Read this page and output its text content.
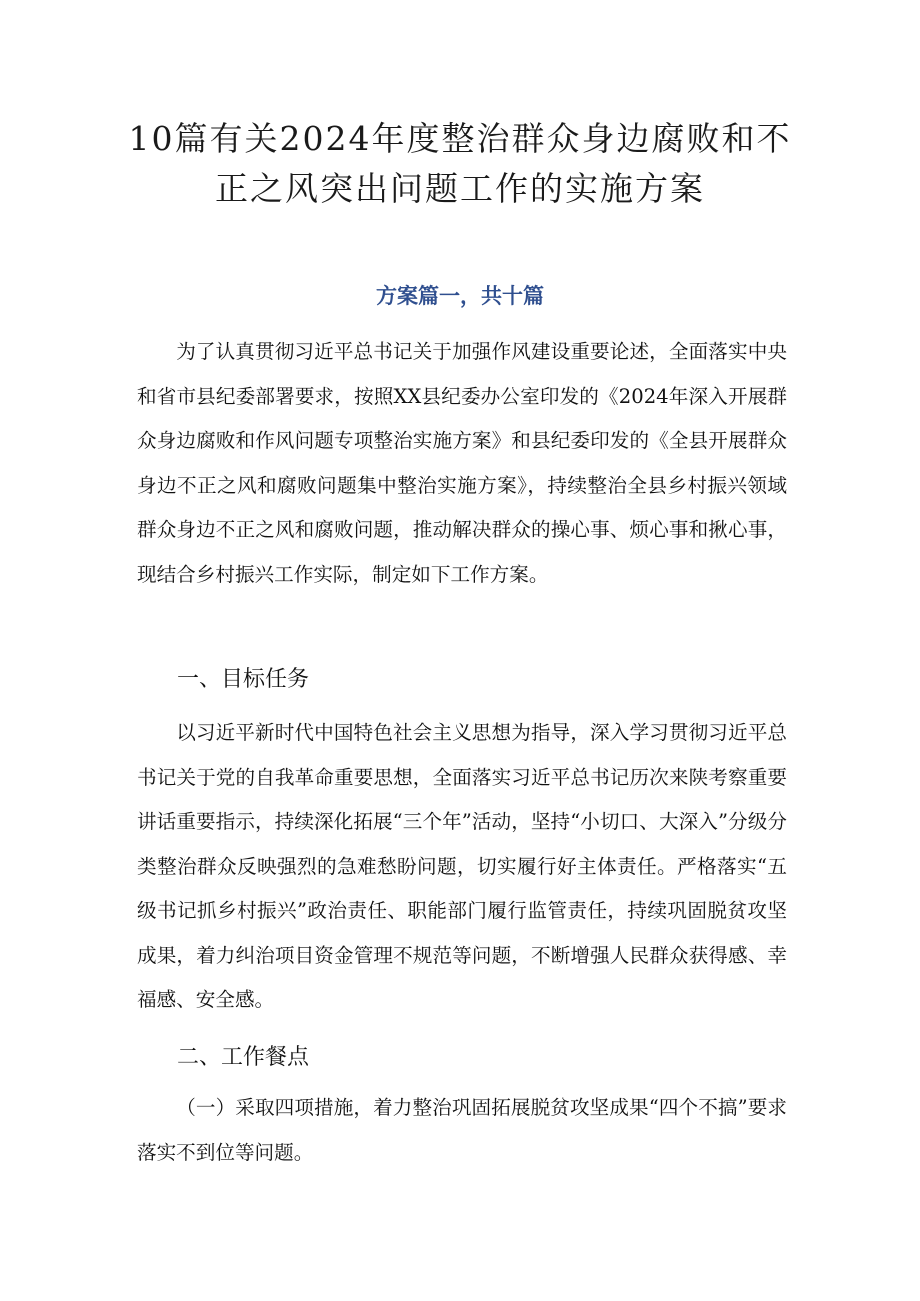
10篇有关2024年度整治群众身边腐败和不
正之风突出问题工作的实施方案
方案篇一，共十篇

为了认真贯彻习近平总书记关于加强作风建设重要论述，全面落实中央和省市县纪委部署要求，按照XX县纪委办公室印发的《2024年深入开展群众身边腐败和作风问题专项整治实施方案》和县纪委印发的《全县开展群众身边不正之风和腐败问题集中整治实施方案》，持续整治全县乡村振兴领域群众身边不正之风和腐败问题，推动解决群众的操心事、烦心事和揪心事，现结合乡村振兴工作实际，制定如下工作方案。

一、目标任务

以习近平新时代中国特色社会主义思想为指导，深入学习贯彻习近平总书记关于党的自我革命重要思想，全面落实习近平总书记历次来陕考察重要讲话重要指示，持续深化拓展“三个年”活动，坚持“小切口、大深入”分级分类整治群众反映强烈的急难愁盼问题，切实履行好主体责任。严格落实“五级书记抓乡村振兴”政治责任、职能部门履行监管责任，持续巩固脱贫攻坚成果，着力纠治项目资金管理不规范等问题，不断增强人民群众获得感、幸福感、安全感。

二、工作餐点

（一）采取四项措施，着力整治巩固拓展脱贫攻坚成果“四个不搞”要求落实不到位等问题。
